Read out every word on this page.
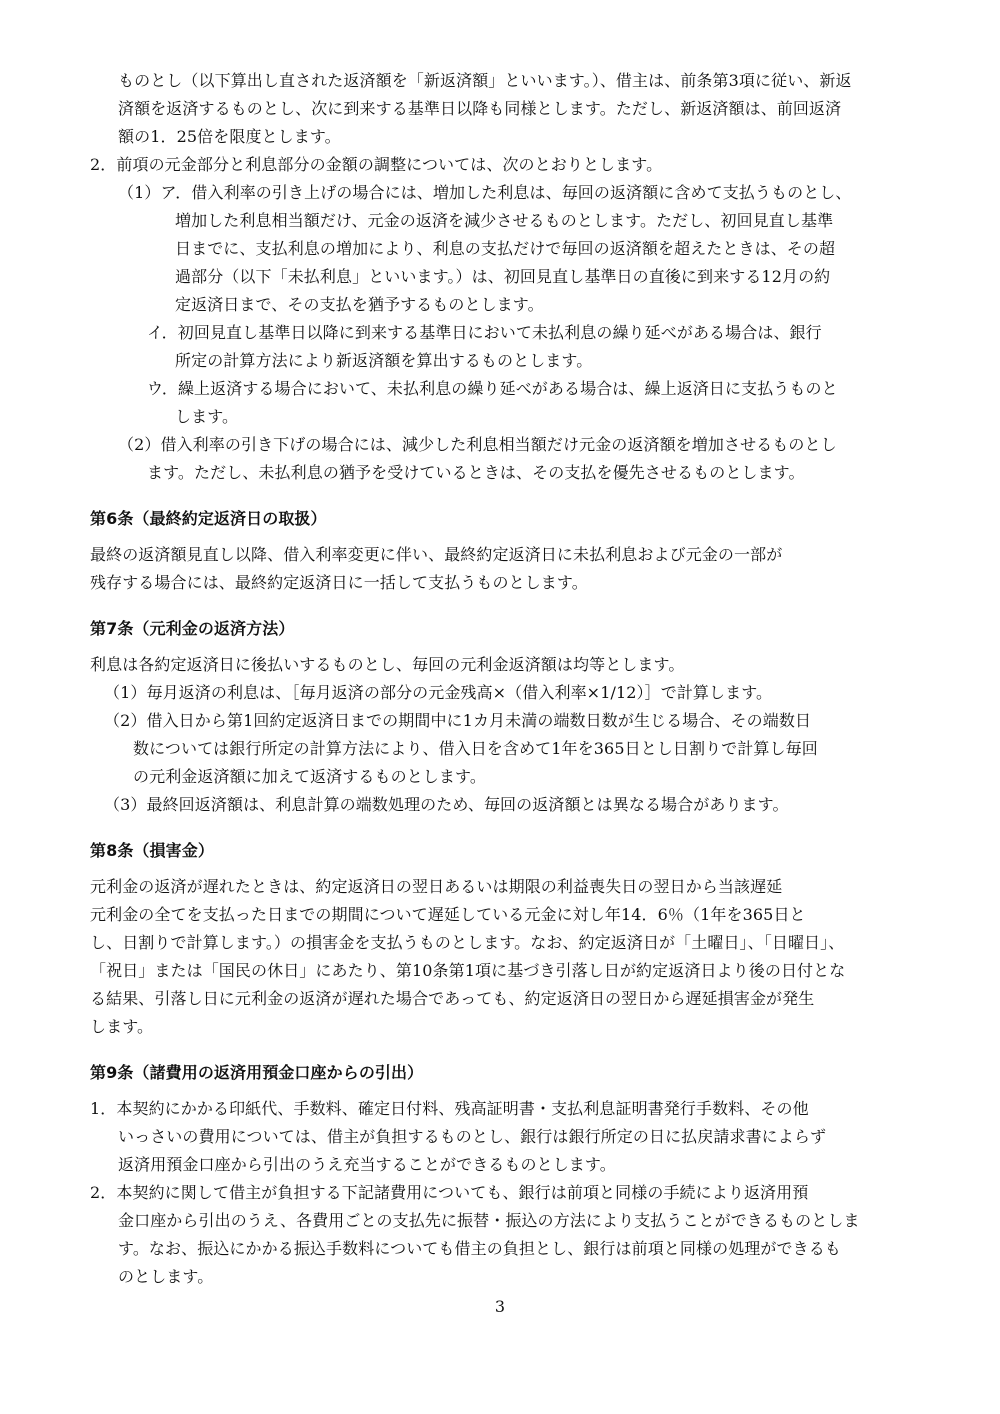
ものとし（以下算出し直された返済額を「新返済額」といいます。）、借主は、前条第3項に従い、新返

済額を返済するものとし、次に到来する基準日以降も同様とします。ただし、新返済額は、前回返済

額の1．25倍を限度とします。

2．前項の元金部分と利息部分の金額の調整については、次のとおりとします。

（1）ア．借入利率の引き上げの場合には、増加した利息は、毎回の返済額に含めて支払うものとし、

増加した利息相当額だけ、元金の返済を減少させるものとします。ただし、初回見直し基準

日までに、支払利息の増加により、利息の支払だけで毎回の返済額を超えたときは、その超

過部分（以下「未払利息」といいます。）は、初回見直し基準日の直後に到来する12月の約

定返済日まで、その支払を猶予するものとします。

イ．初回見直し基準日以降に到来する基準日において未払利息の繰り延べがある場合は、銀行

所定の計算方法により新返済額を算出するものとします。

ウ．繰上返済する場合において、未払利息の繰り延べがある場合は、繰上返済日に支払うものと

します。

（2）借入利率の引き下げの場合には、減少した利息相当額だけ元金の返済額を増加させるものとし

ます。ただし、未払利息の猶予を受けているときは、その支払を優先させるものとします。

第6条（最終約定返済日の取扱）

最終の返済額見直し以降、借入利率変更に伴い、最終約定返済日に未払利息および元金の一部が

残存する場合には、最終約定返済日に一括して支払うものとします。

第7条（元利金の返済方法）

利息は各約定返済日に後払いするものとし、毎回の元利金返済額は均等とします。

（1）毎月返済の利息は、［毎月返済の部分の元金残高×（借入利率×1/12）］で計算します。

（2）借入日から第1回約定返済日までの期間中に1カ月未満の端数日数が生じる場合、その端数日

数については銀行所定の計算方法により、借入日を含めて1年を365日とし日割りで計算し毎回

の元利金返済額に加えて返済するものとします。

（3）最終回返済額は、利息計算の端数処理のため、毎回の返済額とは異なる場合があります。

第8条（損害金）

元利金の返済が遅れたときは、約定返済日の翌日あるいは期限の利益喪失日の翌日から当該遅延

元利金の全てを支払った日までの期間について遅延している元金に対し年14．6％（1年を365日と

し、日割りで計算します。）の損害金を支払うものとします。なお、約定返済日が「土曜日」、「日曜日」、

「祝日」または「国民の休日」にあたり、第10条第1項に基づき引落し日が約定返済日より後の日付とな

る結果、引落し日に元利金の返済が遅れた場合であっても、約定返済日の翌日から遅延損害金が発生

します。

第9条（諸費用の返済用預金口座からの引出）

1．本契約にかかる印紙代、手数料、確定日付料、残高証明書・支払利息証明書発行手数料、その他

いっさいの費用については、借主が負担するものとし、銀行は銀行所定の日に払戻請求書によらず

返済用預金口座から引出のうえ充当することができるものとします。

2．本契約に関して借主が負担する下記諸費用についても、銀行は前項と同様の手続により返済用預

金口座から引出のうえ、各費用ごとの支払先に振替・振込の方法により支払うことができるものとしま

す。なお、振込にかかる振込手数料についても借主の負担とし、銀行は前項と同様の処理ができるも

のとします。

3
